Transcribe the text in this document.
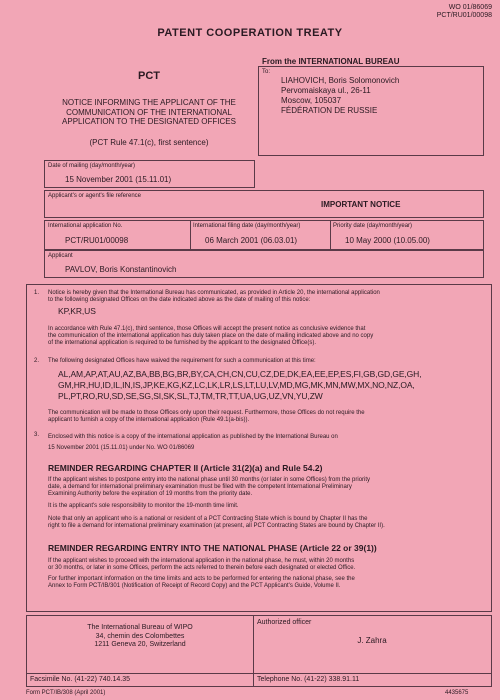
WO 01/86069
PCT/RU01/00098
PATENT COOPERATION TREATY
From the INTERNATIONAL BUREAU
PCT
NOTICE INFORMING THE APPLICANT OF THE
COMMUNICATION OF THE INTERNATIONAL
APPLICATION TO THE DESIGNATED OFFICES
(PCT Rule 47.1(c), first sentence)
To:
LIAHOVICH, Boris Solomonovich
Pervomaiskaya ul., 26-11
Moscow, 105037
FÉDÉRATION DE RUSSIE
Date of mailing (day/month/year)
15 November 2001 (15.11.01)
Applicant's or agent's file reference
IMPORTANT NOTICE
International application No.
PCT/RU01/00098
International filing date (day/month/year)
06 March 2001 (06.03.01)
Priority date (day/month/year)
10 May 2000 (10.05.00)
Applicant
PAVLOV, Boris Konstantinovich
1. Notice is hereby given that the International Bureau has communicated, as provided in Article 20, the international application
to the following designated Offices on the date indicated above as the date of mailing of this notice:
KP,KR,US
In accordance with Rule 47.1(c), third sentence, those Offices will accept the present notice as conclusive evidence that
the communication of the international application has duly taken place on the date of mailing indicated above and no copy
of the international application is required to be furnished by the applicant to the designated Office(s).
2. The following designated Offices have waived the requirement for such a communication at this time:
AL,AM,AP,AT,AU,AZ,BA,BB,BG,BR,BY,CA,CH,CN,CU,CZ,DE,DK,EA,EE,EP,ES,FI,GB,GD,GE,GH,
GM,HR,HU,ID,IL,IN,IS,JP,KE,KG,KZ,LC,LK,LR,LS,LT,LU,LV,MD,MG,MK,MN,MW,MX,NO,NZ,OA,
PL,PT,RO,RU,SD,SE,SG,SI,SK,SL,TJ,TM,TR,TT,UA,UG,UZ,VN,YU,ZW
The communication will be made to those Offices only upon their request. Furthermore, those Offices do not require the
applicant to furnish a copy of the international application (Rule 49.1(a-bis)).
3. Enclosed with this notice is a copy of the international application as published by the International Bureau on
15 November 2001 (15.11.01) under No. WO 01/86069
REMINDER REGARDING CHAPTER II (Article 31(2)(a) and Rule 54.2)
If the applicant wishes to postpone entry into the national phase until 30 months (or later in some Offices) from the priority
date, a demand for international preliminary examination must be filed with the competent International Preliminary
Examining Authority before the expiration of 19 months from the priority date.
It is the applicant's sole responsibility to monitor the 19-month time limit.
Note that only an applicant who is a national or resident of a PCT Contracting State which is bound by Chapter II has the
right to file a demand for international preliminary examination (at present, all PCT Contracting States are bound by Chapter II).
REMINDER REGARDING ENTRY INTO THE NATIONAL PHASE (Article 22 or 39(1))
If the applicant wishes to proceed with the international application in the national phase, he must, within 20 months
or 30 months, or later in some Offices, perform the acts referred to therein before each designated or elected Office.
For further important information on the time limits and acts to be performed for entering the national phase, see the
Annex to Form PCT/IB/301 (Notification of Receipt of Record Copy) and the PCT Applicant's Guide, Volume II.
The International Bureau of WIPO
34, chemin des Colombettes
1211 Geneva 20, Switzerland
Facsimile No. (41-22) 740.14.35
Authorized officer
J. Zahra
Telephone No. (41-22) 338.91.11
Form PCT/IB/308 (April 2001)	4435675
